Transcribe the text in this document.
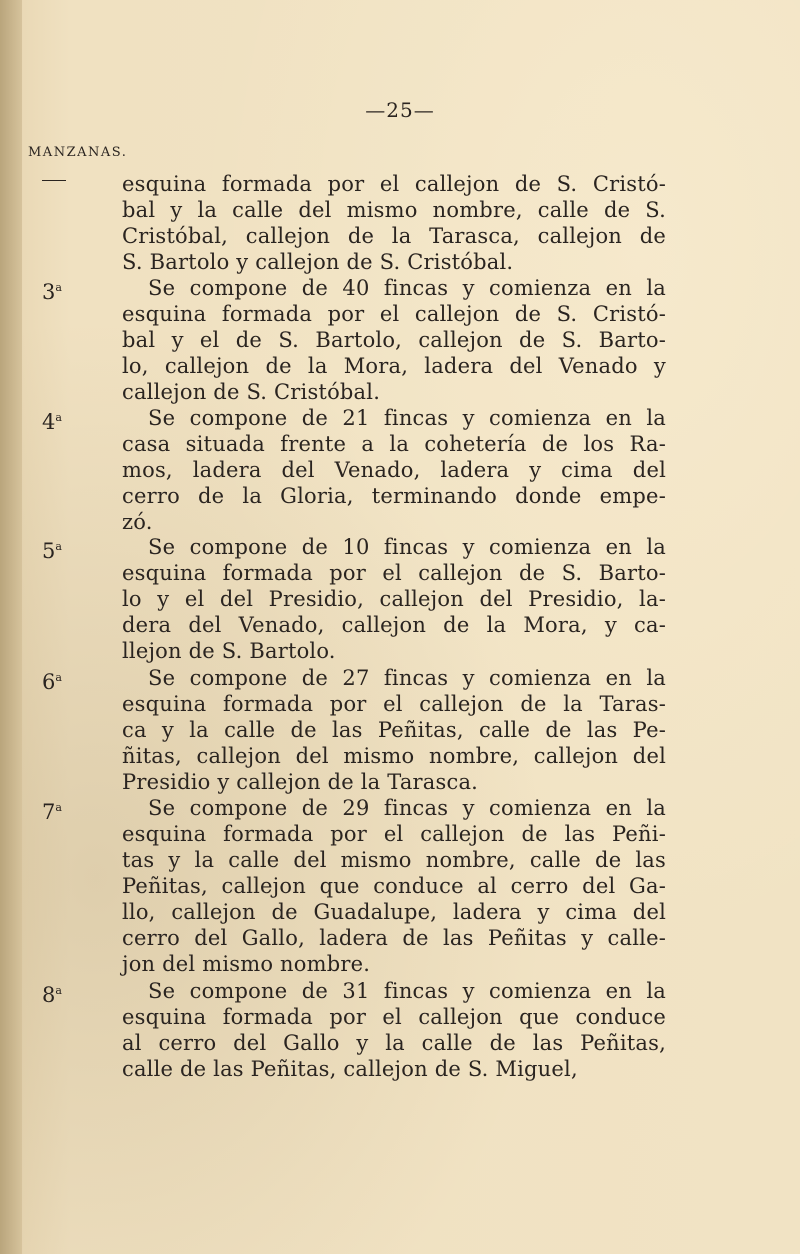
—25—
MANZANAS.
esquina formada por el callejon de S. Cristó-
bal y la calle del mismo nombre, calle de S.
Cristóbal, callejon de la Tarasca, callejon de
S. Bartolo y callejon de S. Cristóbal.
3$^a$	Se compone de 40 fincas y comienza en la
esquina formada por el callejon de S. Cristó-
bal y el de S. Bartolo, callejon de S. Barto-
lo, callejon de la Mora, ladera del Venado y
callejon de S. Cristóbal.
4$^a$	Se compone de 21 fincas y comienza en la
casa situada frente a la cohetería de los Ra-
mos, ladera del Venado, ladera y cima del
cerro de la Gloria, terminando donde empe-
zó.
5$^a$	Se compone de 10 fincas y comienza en la
esquina formada por el callejon de S. Barto-
lo y el del Presidio, callejon del Presidio, la-
dera del Venado, callejon de la Mora, y ca-
llejon de S. Bartolo.
6$^a$	Se compone de 27 fincas y comienza en la
esquina formada por el callejon de la Taras-
ca y la calle de las Peñitas, calle de las Pe-
ñitas, callejon del mismo nombre, callejon del
Presidio y callejon de la Tarasca.
7$^a$	Se compone de 29 fincas y comienza en la
esquina formada por el callejon de las Peñi-
tas y la calle del mismo nombre, calle de las
Peñitas, callejon que conduce al cerro del Ga-
llo, callejon de Guadalupe, ladera y cima del
cerro del Gallo, ladera de las Peñitas y calle-
jon del mismo nombre.
8$^a$	Se compone de 31 fincas y comienza en la
esquina formada por el callejon que conduce
al cerro del Gallo y la calle de las Peñitas,
calle de las Peñitas, callejon de S. Miguel,
